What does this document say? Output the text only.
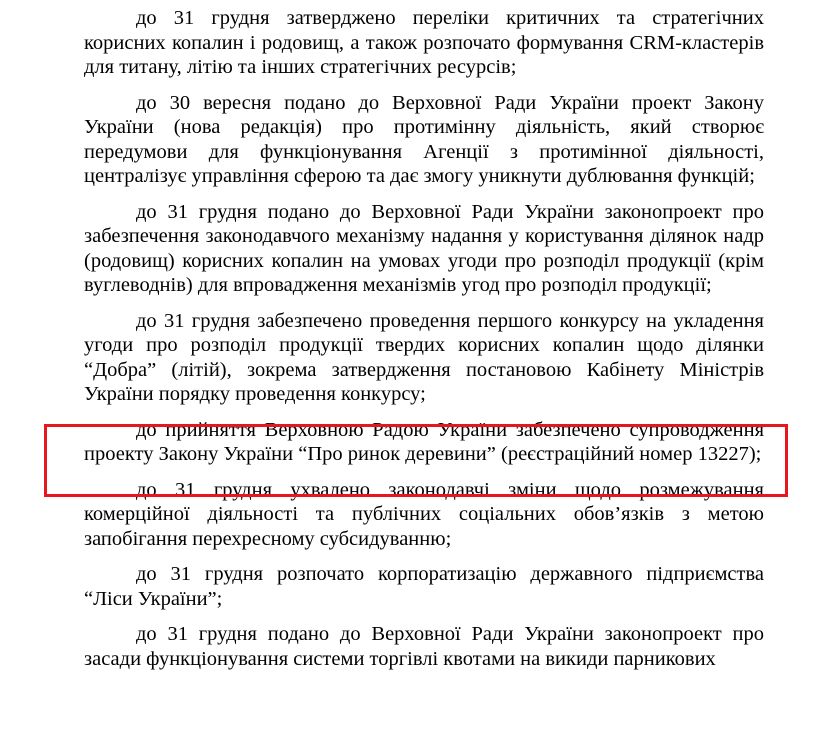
до 31 грудня затверджено переліки критичних та стратегічних корисних копалин і родовищ, а також розпочато формування CRM-кластерів для титану, літію та інших стратегічних ресурсів;

до 30 вересня подано до Верховної Ради України проект Закону України (нова редакція) про протимінну діяльність, який створює передумови для функціонування Агенції з протимінної діяльності, централізує управління сферою та дає змогу уникнути дублювання функцій;

до 31 грудня подано до Верховної Ради України законопроект про забезпечення законодавчого механізму надання у користування ділянок надр (родовищ) корисних копалин на умовах угоди про розподіл продукції (крім вуглеводнів) для впровадження механізмів угод про розподіл продукції;

до 31 грудня забезпечено проведення першого конкурсу на укладення угоди про розподіл продукції твердих корисних копалин щодо ділянки “Добра” (літій), зокрема затвердження постановою Кабінету Міністрів України порядку проведення конкурсу;

до прийняття Верховною Радою України забезпечено супроводження проекту Закону України “Про ринок деревини” (реєстраційний номер 13227);

до 31 грудня ухвалено законодавчі зміни щодо розмежування комерційної діяльності та публічних соціальних обов’язків з метою запобігання перехресному субсидуванню;

до 31 грудня розпочато корпоратизацію державного підприємства “Ліси України”;

до 31 грудня подано до Верховної Ради України законопроект про засади функціонування системи торгівлі квотами на викиди парникових
